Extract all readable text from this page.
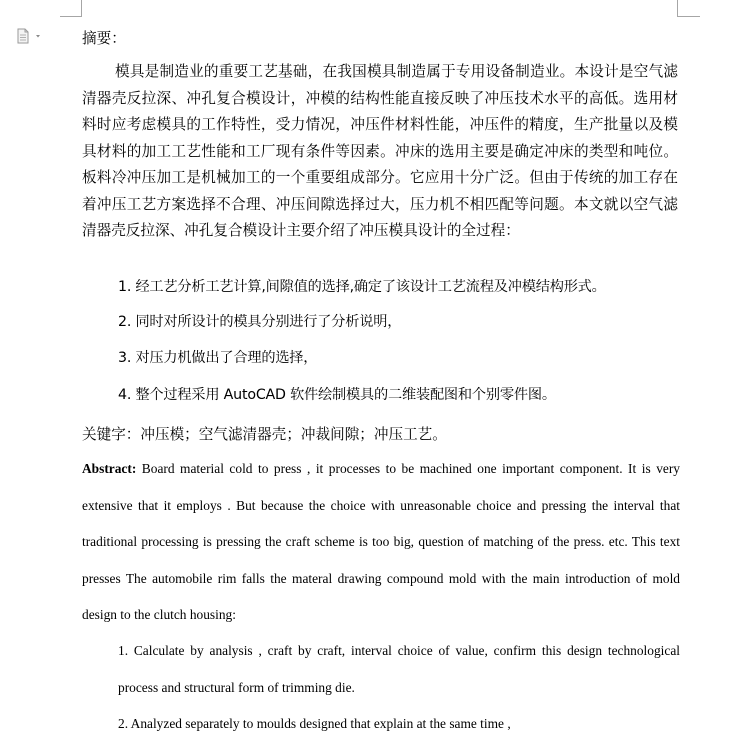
摘要：

模具是制造业的重要工艺基础，在我国模具制造属于专用设备制造业。本设计是空气滤清器壳反拉深、冲孔复合模设计，冲模的结构性能直接反映了冲压技术水平的高低。选用材料时应考虑模具的工作特性，受力情况，冲压件材料性能，冲压件的精度，生产批量以及模具材料的加工工艺性能和工厂现有条件等因素。冲床的选用主要是确定冲床的类型和吨位。板料冷冲压加工是机械加工的一个重要组成部分。它应用十分广泛。但由于传统的加工存在着冲压工艺方案选择不合理、冲压间隙选择过大，压力机不相匹配等问题。本文就以空气滤清器壳反拉深、冲孔复合模设计主要介绍了冲压模具设计的全过程：

1. 经工艺分析工艺计算,间隙值的选择,确定了该设计工艺流程及冲模结构形式。
2. 同时对所设计的模具分别进行了分析说明，
3. 对压力机做出了合理的选择，
4. 整个过程采用 AutoCAD 软件绘制模具的二维装配图和个别零件图。
关键字：冲压模；空气滤清器壳；冲裁间隙；冲压工艺。

Abstract: Board material cold to press , it processes to be machined one important component. It is very extensive that it employs . But because the choice with unreasonable choice and pressing the interval that traditional processing is pressing the craft scheme is too big, question of matching of the press. etc. This text presses The automobile rim falls the materal drawing compound mold with the main introduction of mold design to the clutch housing:

1. Calculate by analysis , craft by craft, interval choice of value, confirm this design technological process and structural form of trimming die.

2. Analyzed separately to moulds designed that explain at the same time ,
